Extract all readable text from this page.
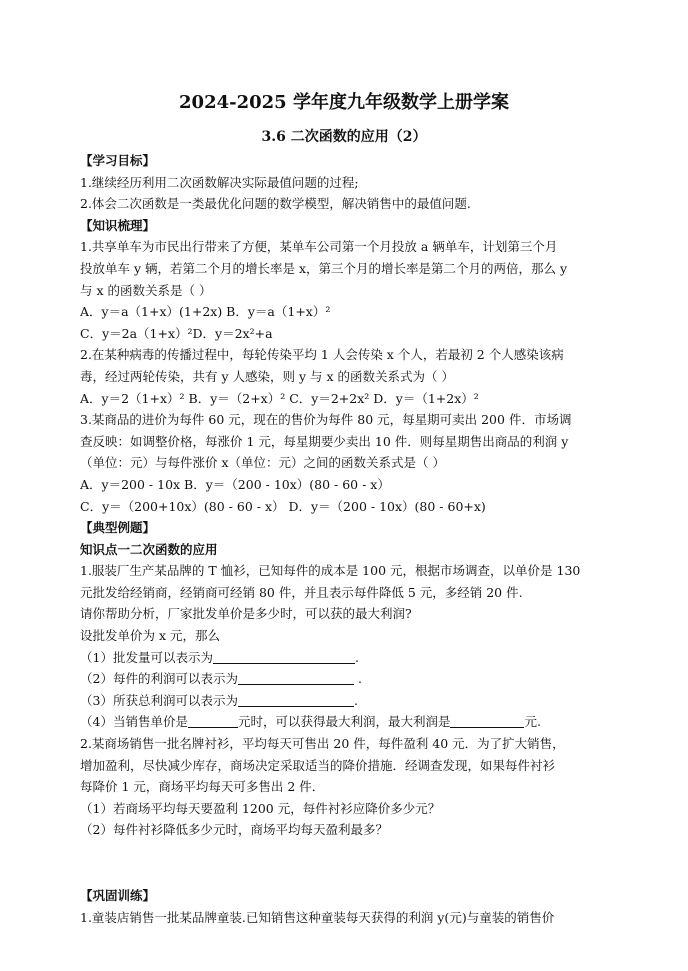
2024-2025 学年度九年级数学上册学案
3.6 二次函数的应用（2）
【学习目标】
1.继续经历利用二次函数解决实际最值问题的过程;
2.体会二次函数是一类最优化问题的数学模型，解决销售中的最值问题.
【知识梳理】
1.共享单车为市民出行带来了方便，某单车公司第一个月投放 a 辆单车，计划第三个月
投放单车 y 辆，若第二个月的增长率是 x，第三个月的增长率是第二个月的两倍，那么 y
与 x 的函数关系是（ ）
A．y＝a（1+x）(1+2x) B．y＝a（1+x）²
C．y＝2a（1+x）²D．y＝2x²+a
2.在某种病毒的传播过程中，每轮传染平均 1 人会传染 x 个人，若最初 2 个人感染该病
毒，经过两轮传染，共有 y 人感染，则 y 与 x 的函数关系式为（ ）
A．y＝2（1+x）² B．y＝（2+x）² C．y＝2+2x² D．y＝（1+2x）²
3.某商品的进价为每件 60 元，现在的售价为每件 80 元，每星期可卖出 200 件．市场调
查反映：如调整价格，每涨价 1 元，每星期要少卖出 10 件．则每星期售出商品的利润 y
（单位：元）与每件涨价 x（单位：元）之间的函数关系式是（ ）
A．y＝200 - 10x B．y＝（200 - 10x）(80 - 60 - x）
C．y＝（200+10x）(80 - 60 - x） D．y＝（200 - 10x）(80 - 60+x)
【典型例题】
知识点一二次函数的应用
1.服装厂生产某品牌的 T 恤衫，已知每件的成本是 100 元，根据市场调查，以单价是 130
元批发给经销商，经销商可经销 80 件，并且表示每件降低 5 元，多经销 20 件.
请你帮助分析，厂家批发单价是多少时，可以获的最大利润?
设批发单价为 x 元，那么
（1）批发量可以表示为	.
（2）每件的利润可以表示为	.
（3）所获总利润可以表示为	.
（4）当销售单价是	元时，可以获得最大利润，最大利润是	元.
2.某商场销售一批名牌衬衫，平均每天可售出 20 件，每件盈利 40 元．为了扩大销售，
增加盈利，尽快减少库存，商场决定采取适当的降价措施．经调查发现，如果每件衬衫
每降价 1 元，商场平均每天可多售出 2 件．
（1）若商场平均每天要盈利 1200 元，每件衬衫应降价多少元？
（2）每件衬衫降低多少元时，商场平均每天盈利最多？
【巩固训练】
1.童装店销售一批某品牌童装.已知销售这种童装每天获得的利润 y(元)与童装的销售价
